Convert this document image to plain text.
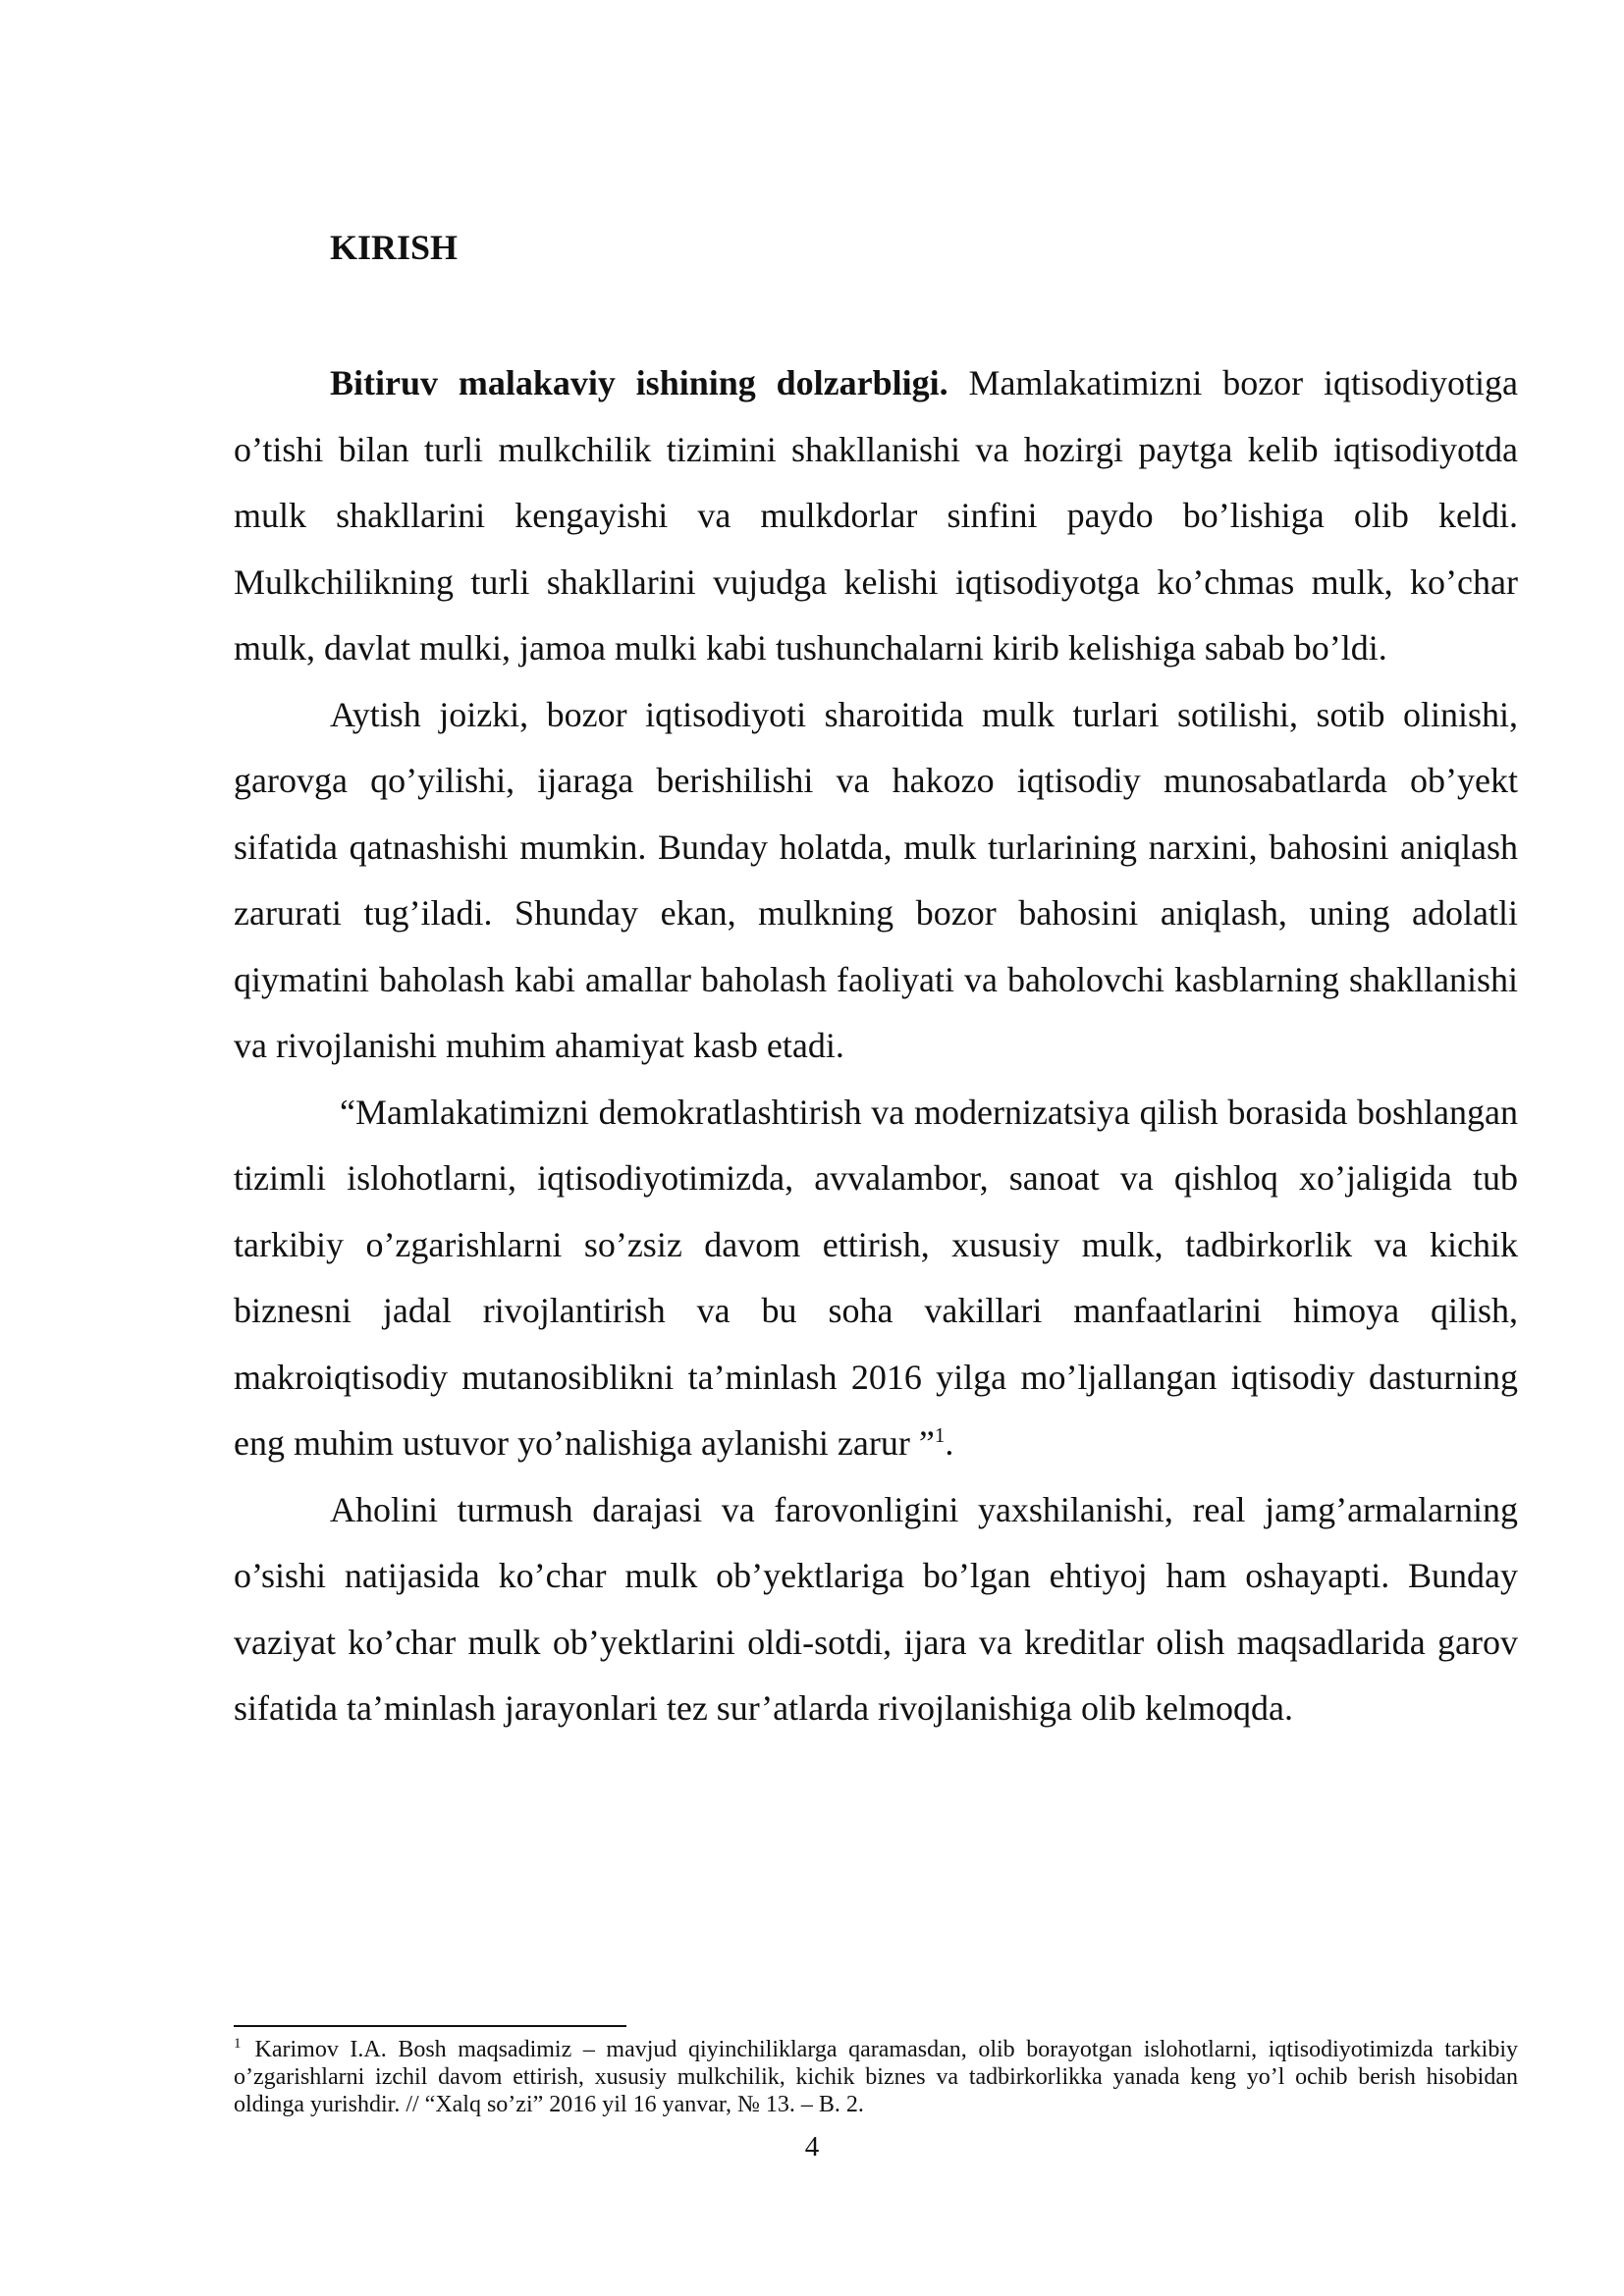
KIRISH

Bitiruv malakaviy ishining dolzarbligi. Mamlakatimizni bozor iqtisodiyotiga o’tishi bilan turli mulkchilik tizimini shakllanishi va hozirgi paytga kelib iqtisodiyotda mulk shakllarini kengayishi va mulkdorlar sinfini paydo bo’lishiga olib keldi. Mulkchilikning turli shakllarini vujudga kelishi iqtisodiyotga ko’chmas mulk, ko’char mulk, davlat mulki, jamoa mulki kabi tushunchalarni kirib kelishiga sabab bo’ldi.

Aytish joizki, bozor iqtisodiyoti sharoitida mulk turlari sotilishi, sotib olinishi, garovga qo’yilishi, ijaraga berishilishi va hakozo iqtisodiy munosabatlarda ob’yekt sifatida qatnashishi mumkin. Bunday holatda, mulk turlarining narxini, bahosini aniqlash zarurati tug’iladi. Shunday ekan, mulkning bozor bahosini aniqlash, uning adolatli qiymatini baholash kabi amallar baholash faoliyati va baholovchi kasblarning shakllanishi va rivojlanishi muhim ahamiyat kasb etadi.

“Mamlakatimizni demokratlashtirish va modernizatsiya qilish borasida boshlangan tizimli islohotlarni, iqtisodiyotimizda, avvalambor, sanoat va qishloq xo’jaligida tub tarkibiy o’zgarishlarni so’zsiz davom ettirish, xususiy mulk, tadbirkorlik va kichik biznesni jadal rivojlantirish va bu soha vakillari manfaatlarini himoya qilish, makroiqtisodiy mutanosiblikni ta’minlash 2016 yilga mo’ljallangan iqtisodiy dasturning eng muhim ustuvor yo’nalishiga aylanishi zarur ”$^1$.

Aholini turmush darajasi va farovonligini yaxshilanishi, real jamg’armalarning o’sishi natijasida ko’char mulk ob’yektlariga bo’lgan ehtiyoj ham oshayapti. Bunday vaziyat ko’char mulk ob’yektlarini oldi-sotdi, ijara va kreditlar olish maqsadlarida garov sifatida ta’minlash jarayonlari tez sur’atlarda rivojlanishiga olib kelmoqda.

$^1$ Karimov I.A. Bosh maqsadimiz – mavjud qiyinchiliklarga qaramasdan, olib borayotgan islohotlarni, iqtisodiyotimizda tarkibiy o’zgarishlarni izchil davom ettirish, xususiy mulkchilik, kichik biznes va tadbirkorlikka yanada keng yo’l ochib berish hisobidan oldinga yurishdir. // “Xalq so’zi” 2016 yil 16 yanvar, № 13. – B. 2.

4
